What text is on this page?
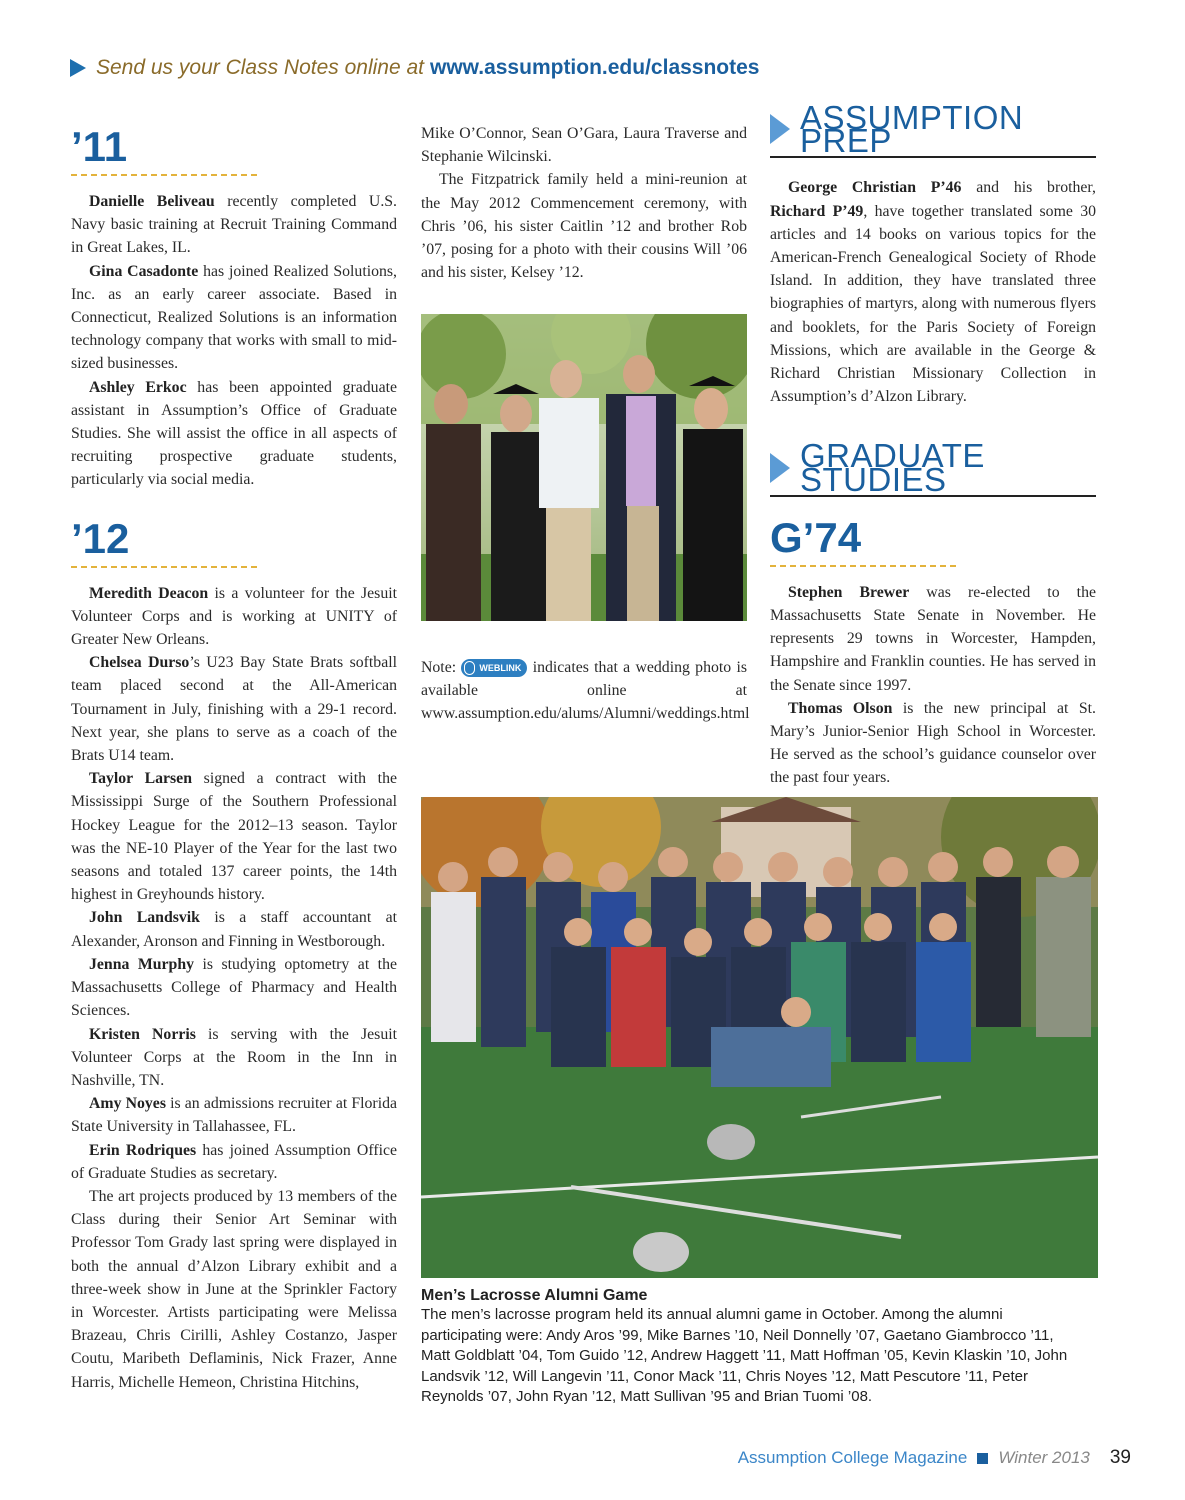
Send us your Class Notes online at www.assumption.edu/classnotes
’11

Danielle Beliveau recently completed U.S. Navy basic training at Recruit Training Command in Great Lakes, IL.

Gina Casadonte has joined Realized Solutions, Inc. as an early career associate. Based in Connecticut, Realized Solutions is an information technology company that works with small to mid-sized businesses.

Ashley Erkoc has been appointed graduate assistant in Assumption’s Office of Graduate Studies. She will assist the office in all aspects of recruiting prospective graduate students, particularly via social media.

’12

Meredith Deacon is a volunteer for the Jesuit Volunteer Corps and is working at UNITY of Greater New Orleans.

Chelsea Durso’s U23 Bay State Brats softball team placed second at the All-American Tournament in July, finishing with a 29-1 record. Next year, she plans to serve as a coach of the Brats U14 team.

Taylor Larsen signed a contract with the Mississippi Surge of the Southern Professional Hockey League for the 2012–13 season. Taylor was the NE-10 Player of the Year for the last two seasons and totaled 137 career points, the 14th highest in Greyhounds history.

John Landsvik is a staff accountant at Alexander, Aronson and Finning in Westborough.

Jenna Murphy is studying optometry at the Massachusetts College of Pharmacy and Health Sciences.

Kristen Norris is serving with the Jesuit Volunteer Corps at the Room in the Inn in Nashville, TN.

Amy Noyes is an admissions recruiter at Florida State University in Tallahassee, FL.

Erin Rodriques has joined Assumption Office of Graduate Studies as secretary.

The art projects produced by 13 members of the Class during their Senior Art Seminar with Professor Tom Grady last spring were displayed in both the annual d’Alzon Library exhibit and a three-week show in June at the Sprinkler Factory in Worcester. Artists participating were Melissa Brazeau, Chris Cirilli, Ashley Costanzo, Jasper Coutu, Maribeth Deflaminis, Nick Frazer, Anne Harris, Michelle Hemeon, Christina Hitchins,

Mike O’Connor, Sean O’Gara, Laura Traverse and Stephanie Wilcinski.

The Fitzpatrick family held a mini-reunion at the May 2012 Commencement ceremony, with Chris ’06, his sister Caitlin ’12 and brother Rob ’07, posing for a photo with their cousins Will ’06 and his sister, Kelsey ’12.

Note:	WEBLINK indicates that a wedding photo is available online at www.assumption.edu/alums/Alumni/weddings.html

ASSUMPTION PREP

George Christian P’46 and his brother, Richard P’49, have together translated some 30 articles and 14 books on various topics for the American-French Genealogical Society of Rhode Island. In addition, they have translated three biographies of martyrs, along with numerous flyers and booklets, for the Paris Society of Foreign Missions, which are available in the George & Richard Christian Missionary Collection in Assumption’s d’Alzon Library.

GRADUATE STUDIES
G’74

Stephen Brewer was re-elected to the Massachusetts State Senate in November. He represents 29 towns in Worcester, Hampden, Hampshire and Franklin counties. He has served in the Senate since 1997.

Thomas Olson is the new principal at St. Mary’s Junior-Senior High School in Worcester. He served as the school’s guidance counselor over the past four years.

Men’s Lacrosse Alumni Game
The men’s lacrosse program held its annual alumni game in October. Among the alumni participating were: Andy Aros ’99, Mike Barnes ’10, Neil Donnelly ’07, Gaetano Giambrocco ’11, Matt Goldblatt ’04, Tom Guido ’12, Andrew Haggett ’11, Matt Hoffman ’05, Kevin Klaskin ’10, John Landsvik ’12, Will Langevin ’11, Conor Mack ’11, Chris Noyes ’12, Matt Pescutore ’11, Peter Reynolds ’07, John Ryan ’12, Matt Sullivan ’95 and Brian Tuomi ’08.
Assumption College Magazine Winter 2013 39
